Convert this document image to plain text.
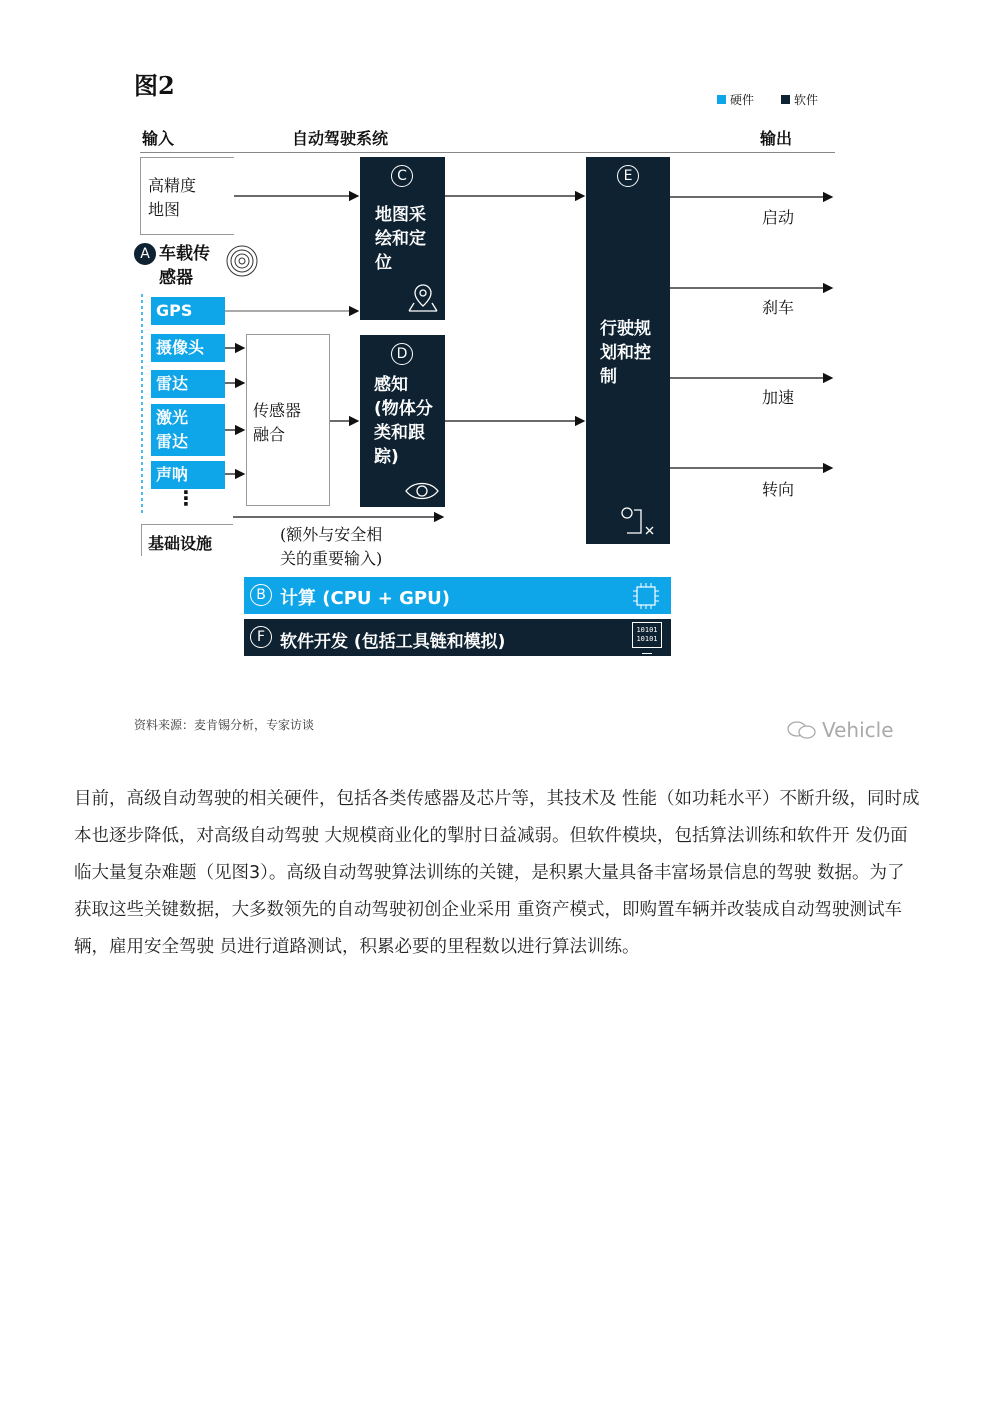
图2	硬件	软件
输入	自动驾驶系统	输出
高精度
地图
A 车载传
感器
GPS
摄像头
雷达
激光
雷达
声呐
⋮
基础设施
传感器
融合
(额外与安全相
关的重要输入)
C
地图采
绘和定
位
D
感知
(物体分
类和跟
踪)
E
行驶规
划和控
制
启动
刹车
加速
转向
B 计算 (CPU + GPU)
F 软件开发 (包括工具链和模拟)
10101
10101
资料来源：麦肯锡分析，专家访谈	Vehicle
目前，高级自动驾驶的相关硬件，包括各类传感器及芯片等，其技术及 性能（如功耗水平）不断升级，同时成本也逐步降低，对高级自动驾驶 大规模商业化的掣肘日益减弱。但软件模块，包括算法训练和软件开 发仍面临大量复杂难题（见图3）。高级自动驾驶算法训练的关键，是积累大量具备丰富场景信息的驾驶 数据。为了获取这些关键数据，大多数领先的自动驾驶初创企业采用 重资产模式，即购置车辆并改装成自动驾驶测试车辆，雇用安全驾驶 员进行道路测试，积累必要的里程数以进行算法训练。
